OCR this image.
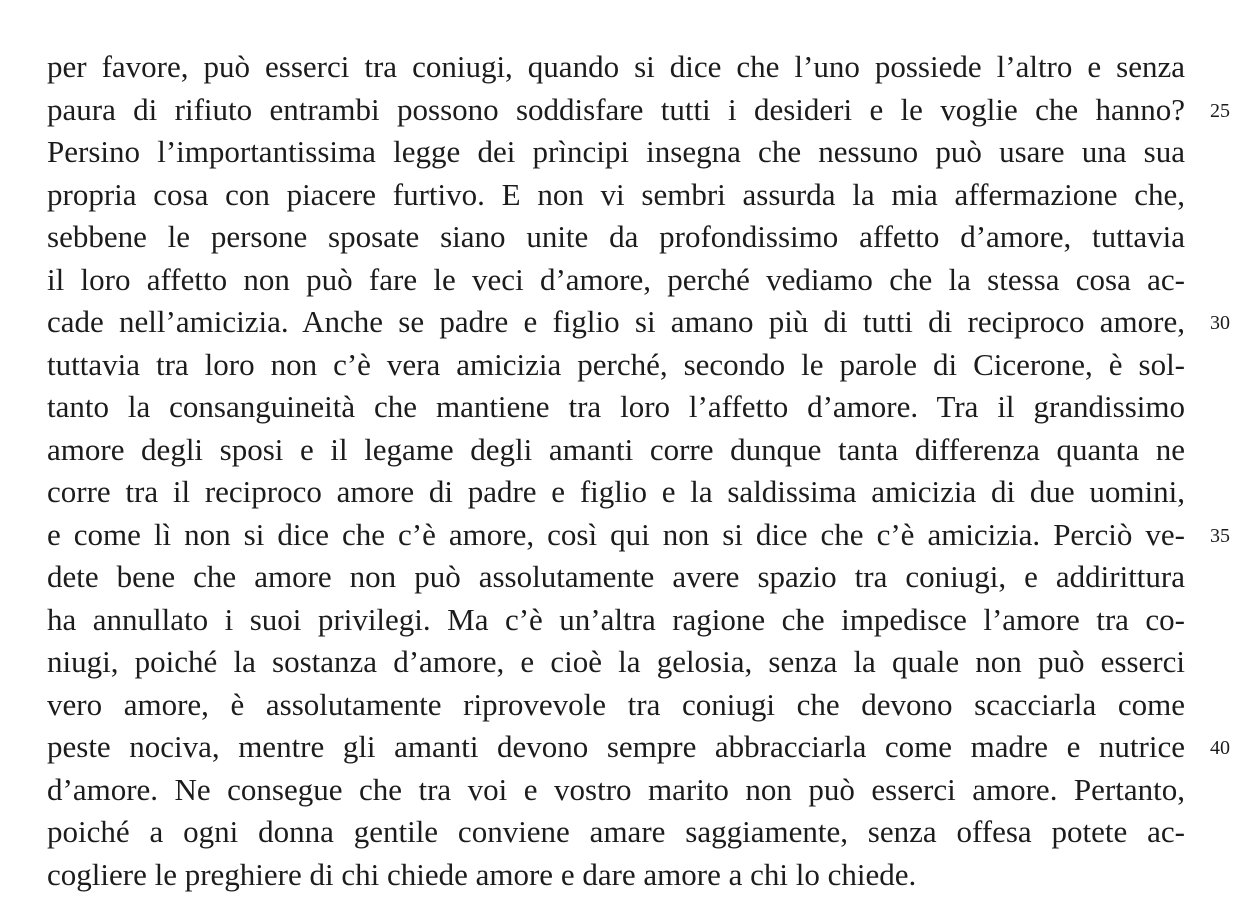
per favore, può esserci tra coniugi, quando si dice che l’uno possiede l’altro e senza
paura di rifiuto entrambi possono soddisfare tutti i desideri e le voglie che hanno? 25
Persino l’importantissima legge dei prìncipi insegna che nessuno può usare una sua
propria cosa con piacere furtivo. E non vi sembri assurda la mia affermazione che,
sebbene le persone sposate siano unite da profondissimo affetto d’amore, tuttavia
il loro affetto non può fare le veci d’amore, perché vediamo che la stessa cosa ac-
cade nell’amicizia. Anche se padre e figlio si amano più di tutti di reciproco amore, 30
tuttavia tra loro non c’è vera amicizia perché, secondo le parole di Cicerone, è sol-
tanto la consanguineità che mantiene tra loro l’affetto d’amore. Tra il grandissimo
amore degli sposi e il legame degli amanti corre dunque tanta differenza quanta ne
corre tra il reciproco amore di padre e figlio e la saldissima amicizia di due uomini,
e come lì non si dice che c’è amore, così qui non si dice che c’è amicizia. Perciò ve- 35
dete bene che amore non può assolutamente avere spazio tra coniugi, e addirittura
ha annullato i suoi privilegi. Ma c’è un’altra ragione che impedisce l’amore tra co-
niugi, poiché la sostanza d’amore, e cioè la gelosia, senza la quale non può esserci
vero amore, è assolutamente riprovevole tra coniugi che devono scacciarla come
peste nociva, mentre gli amanti devono sempre abbracciarla come madre e nutrice 40
d’amore. Ne consegue che tra voi e vostro marito non può esserci amore. Pertanto,
poiché a ogni donna gentile conviene amare saggiamente, senza offesa potete ac-
cogliere le preghiere di chi chiede amore e dare amore a chi lo chiede.
